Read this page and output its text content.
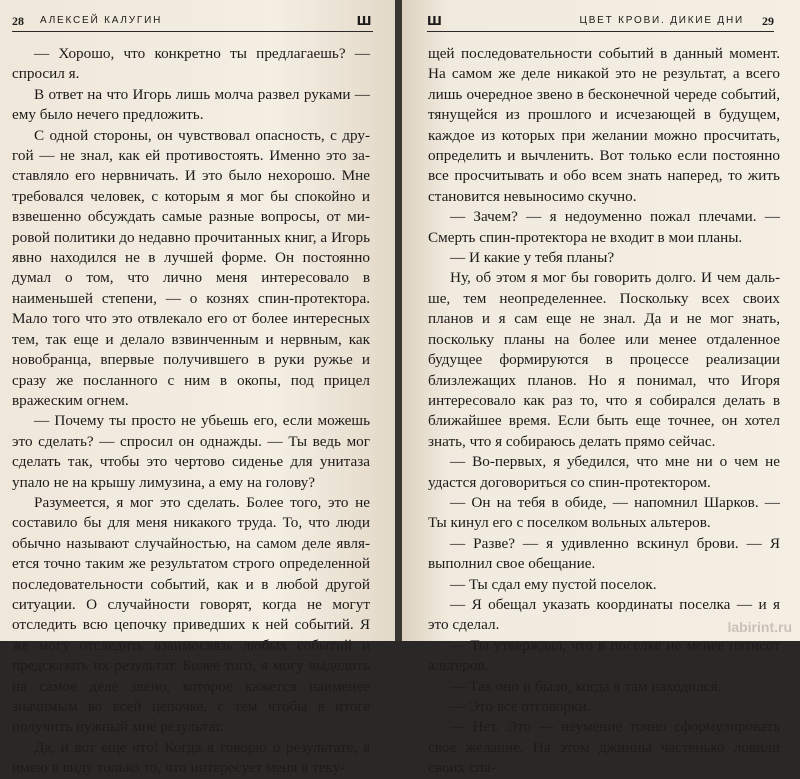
28 АЛЕКСЕЙ КАЛУГИН	Ш

— Хорошо, что конкретно ты предлагаешь? — спросил я.

В ответ на что Игорь лишь молча развел руками — ему было нечего предложить.

С одной стороны, он чувствовал опасность, с другой — не знал, как ей противостоять. Именно это заставляло его нервничать. И это было нехорошо. Мне требовался человек, с которым я мог бы спокойно и взвешенно обсуждать самые разные вопросы, от мировой политики до недавно прочитанных книг, а Игорь явно находился не в лучшей форме. Он постоянно думал о том, что лично меня интересовало в наименьшей степени, — о кознях спин-протектора. Мало того что это отвлекало его от более интересных тем, так еще и делало взвинченным и нервным, как новобранца, впервые получившего в руки ружье и сразу же посланного с ним в окопы, под прицел вражеским огнем.

— Почему ты просто не убьешь его, если можешь это сделать? — спросил он однажды. — Ты ведь мог сделать так, чтобы это чертово сиденье для унитаза упало не на крышу лимузина, а ему на голову?

Разумеется, я мог это сделать. Более того, это не составило бы для меня никакого труда. То, что люди обычно называют случайностью, на самом деле является точно таким же результатом строго определенной последовательности событий, как и в любой другой ситуации. О случайности говорят, когда не могут отследить всю цепочку приведших к ней событий. Я же могу отследить взаимосвязь любых событий и предсказать их результат. Более того, я могу выделить на самое деле звено, которое кажется наименее значимым во всей цепочке, с тем чтобы в итоге получить нужный мне результат.

Да, и вот еще что! Когда я говорю о результате, я имею в виду только то, что интересует меня в теку-

Ш	ЦВЕТ КРОВИ. ДИКИЕ ДНИ 29

щей последовательности событий в данный момент. На самом же деле никакой это не результат, а всего лишь очередное звено в бесконечной череде событий, тянущейся из прошлого и исчезающей в будущем, каждое из которых при желании можно просчитать, определить и вычленить. Вот только если постоянно все просчитывать и обо всем знать наперед, то жить становится невыносимо скучно.

— Зачем? — я недоуменно пожал плечами. — Смерть спин-протектора не входит в мои планы.

— И какие у тебя планы?

Ну, об этом я мог бы говорить долго. И чем дальше, тем неопределеннее. Поскольку всех своих планов и я сам еще не знал. Да и не мог знать, поскольку планы на более или менее отдаленное будущее формируются в процессе реализации близлежащих планов. Но я понимал, что Игоря интересовало как раз то, что я собирался делать в ближайшее время. Если быть еще точнее, он хотел знать, что я собираюсь делать прямо сейчас.

— Во-первых, я убедился, что мне ни о чем не удастся договориться со спин-протектором.

— Он на тебя в обиде, — напомнил Шарков. — Ты кинул его с поселком вольных альтеров.

— Разве? — я удивленно вскинул брови. — Я выполнил свое обещание.

— Ты сдал ему пустой поселок.

— Я обещал указать координаты поселка — и я это сделал.

— Ты утверждал, что в поселке не менее пятисот альтеров.

— Так оно и было, когда я там находился.

— Это все отговорки.

— Нет. Это — неумение точно сформулировать свое желание. На этом джинны частенько ловили своих спа-

labirint.ru
